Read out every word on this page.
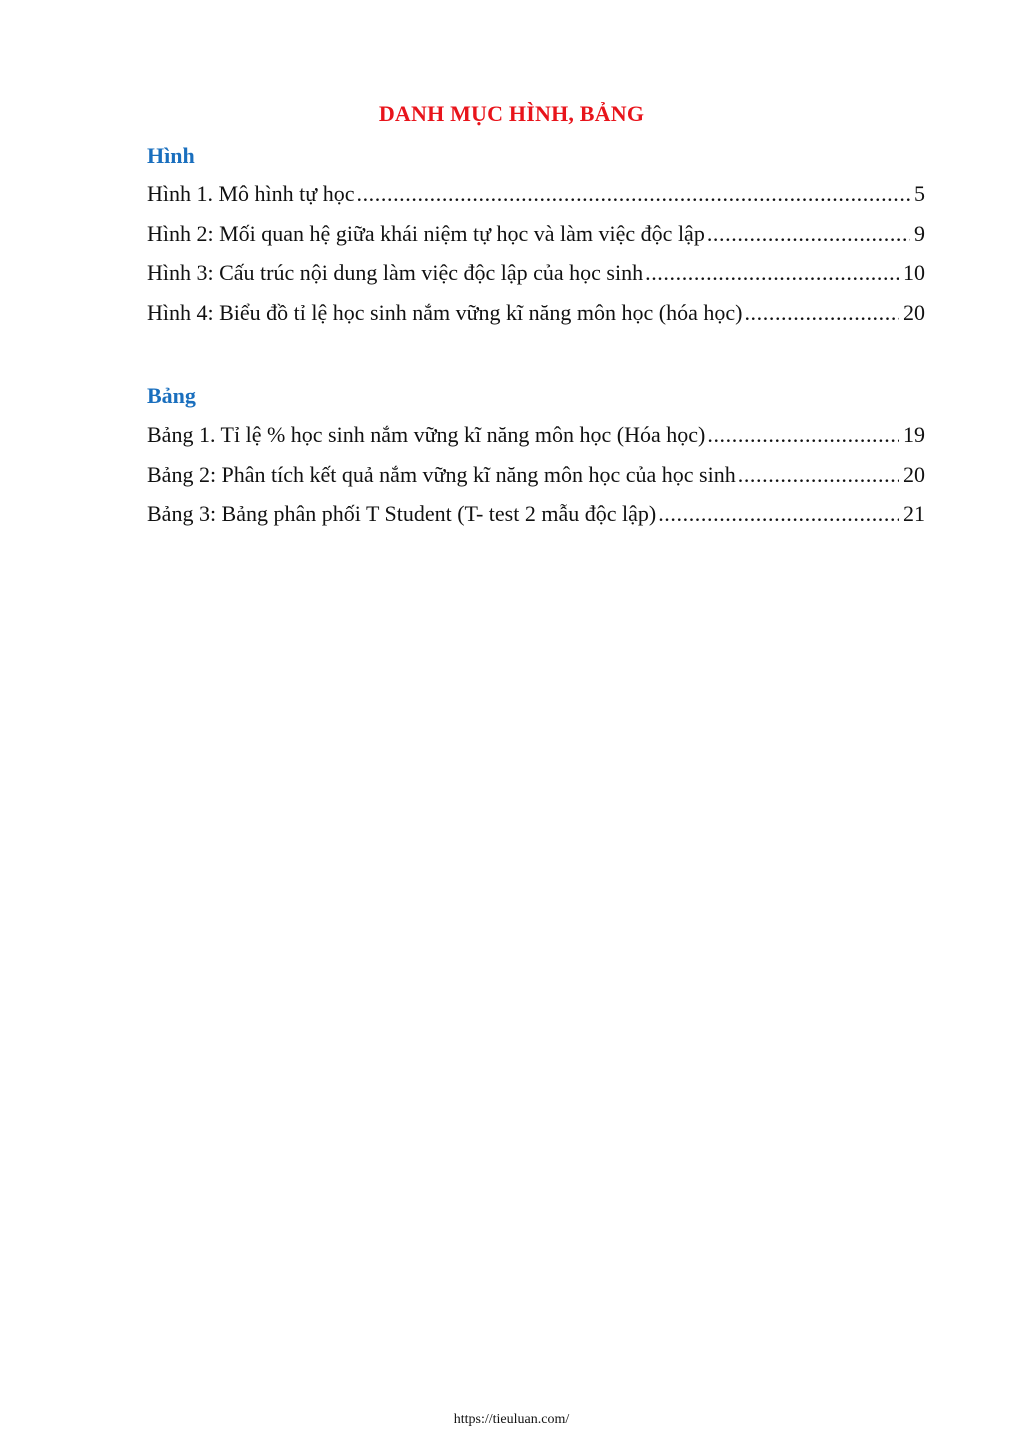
DANH MỤC HÌNH, BẢNG
Hình
Hình 1. Mô hình tự học .....	5
Hình 2: Mối quan hệ giữa khái niệm tự học và làm việc độc lập .....	9
Hình 3: Cấu trúc nội dung làm việc độc lập của học sinh .....	10
Hình 4: Biểu đồ tỉ lệ học sinh nắm vững kĩ năng môn học (hóa học) .....	20
Bảng
Bảng 1. Tỉ lệ % học sinh nắm vững kĩ năng môn học (Hóa học) .....	19
Bảng 2: Phân tích kết quả nắm vững kĩ năng môn học của học sinh .....	20
Bảng 3: Bảng phân phối T Student (T- test 2 mẫu độc lập) .....	21
https://tieuluan.com/
